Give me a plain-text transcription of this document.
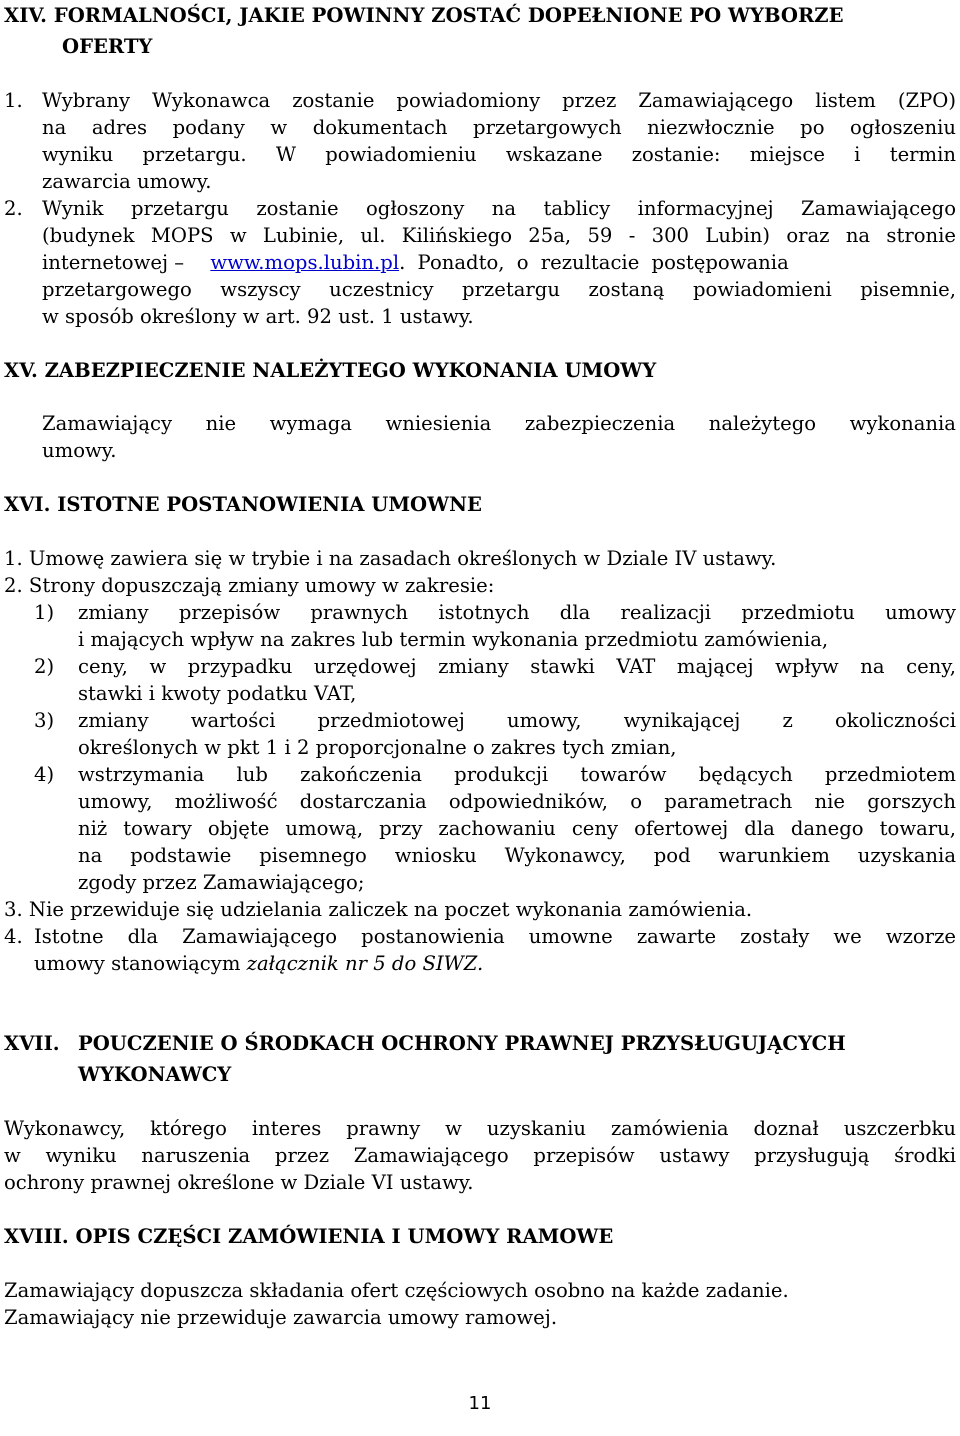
XIV. FORMALNOŚCI, JAKIE POWINNY ZOSTAĆ DOPEŁNIONE PO WYBORZE
OFERTY
1. Wybrany Wykonawca zostanie powiadomiony przez Zamawiającego listem (ZPO)
na adres podany w dokumentach przetargowych niezwłocznie po ogłoszeniu
wyniku przetargu. W powiadomieniu wskazane zostanie: miejsce i termin
zawarcia umowy.
2. Wynik przetargu zostanie ogłoszony na tablicy informacyjnej Zamawiającego
(budynek MOPS w Lubinie, ul. Kilińskiego 25a, 59 - 300 Lubin) oraz na stronie
internetowej – www.mops.lubin.pl. Ponadto, o rezultacie postępowania
przetargowego wszyscy uczestnicy przetargu zostaną powiadomieni pisemnie,
w sposób określony w art. 92 ust. 1 ustawy.
XV. ZABEZPIECZENIE NALEŻYTEGO WYKONANIA UMOWY
Zamawiający nie wymaga wniesienia zabezpieczenia należytego wykonania
umowy.
XVI. ISTOTNE POSTANOWIENIA UMOWNE
1. Umowę zawiera się w trybie i na zasadach określonych w Dziale IV ustawy.
2. Strony dopuszczają zmiany umowy w zakresie:
1) zmiany przepisów prawnych istotnych dla realizacji przedmiotu umowy
i mających wpływ na zakres lub termin wykonania przedmiotu zamówienia,
2) ceny, w przypadku urzędowej zmiany stawki VAT mającej wpływ na ceny,
stawki i kwoty podatku VAT,
3) zmiany wartości przedmiotowej umowy, wynikającej z okoliczności
określonych w pkt 1 i 2 proporcjonalne o zakres tych zmian,
4) wstrzymania lub zakończenia produkcji towarów będących przedmiotem
umowy, możliwość dostarczania odpowiedników, o parametrach nie gorszych
niż towary objęte umową, przy zachowaniu ceny ofertowej dla danego towaru,
na podstawie pisemnego wniosku Wykonawcy, pod warunkiem uzyskania
zgody przez Zamawiającego;
3. Nie przewiduje się udzielania zaliczek na poczet wykonania zamówienia.
4. Istotne dla Zamawiającego postanowienia umowne zawarte zostały we wzorze
umowy stanowiącym załącznik nr 5 do SIWZ.
XVII. POUCZENIE O ŚRODKACH OCHRONY PRAWNEJ PRZYSŁUGUJĄCYCH
WYKONAWCY
Wykonawcy, którego interes prawny w uzyskaniu zamówienia doznał uszczerbku
w wyniku naruszenia przez Zamawiającego przepisów ustawy przysługują środki
ochrony prawnej określone w Dziale VI ustawy.
XVIII. OPIS CZĘŚCI ZAMÓWIENIA I UMOWY RAMOWE
Zamawiający dopuszcza składania ofert częściowych osobno na każde zadanie.
Zamawiający nie przewiduje zawarcia umowy ramowej.
11
